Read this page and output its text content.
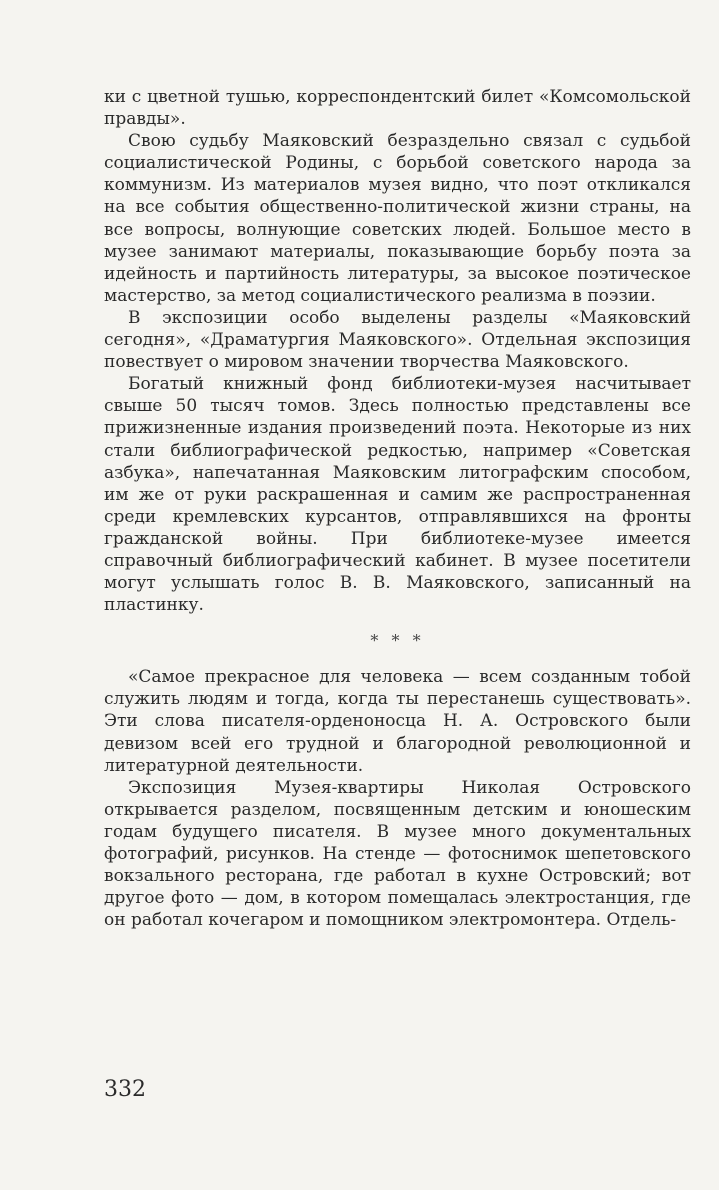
ки с цветной тушью, корреспондентский билет «Комсомольской правды».

Свою судьбу Маяковский безраздельно связал с судьбой социалистической Родины, с борьбой советского народа за коммунизм. Из материалов музея видно, что поэт откликался на все события общественно-политической жизни страны, на все вопросы, волнующие советских людей. Большое место в музее занимают материалы, показывающие борьбу поэта за идейность и партийность литературы, за высокое поэтическое мастерство, за метод социалистического реализма в поэзии.

В экспозиции особо выделены разделы «Маяковский сегодня», «Драматургия Маяковского». Отдельная экспозиция повествует о мировом значении творчества Маяковского.

Богатый книжный фонд библиотеки-музея насчитывает свыше 50 тысяч томов. Здесь полностью представлены все прижизненные издания произведений поэта. Некоторые из них стали библиографической редкостью, например «Советская азбука», напечатанная Маяковским литографским способом, им же от руки раскрашенная и самим же распространенная среди кремлевских курсантов, отправлявшихся на фронты гражданской войны. При библиотеке-музее имеется справочный библиографический кабинет. В музее посетители могут услышать голос В. В. Маяковского, записанный на пластинку.

* * *

«Самое прекрасное для человека — всем созданным тобой служить людям и тогда, когда ты перестанешь существовать». Эти слова писателя-орденоносца Н. А. Островского были девизом всей его трудной и благородной революционной и литературной деятельности.

Экспозиция Музея-квартиры Николая Островского открывается разделом, посвященным детским и юношеским годам будущего писателя. В музее много документальных фотографий, рисунков. На стенде — фотоснимок шепетовского вокзального ресторана, где работал в кухне Островский; вот другое фото — дом, в котором помещалась электростанция, где он работал кочегаром и помощником электромонтера. Отдель-

332
